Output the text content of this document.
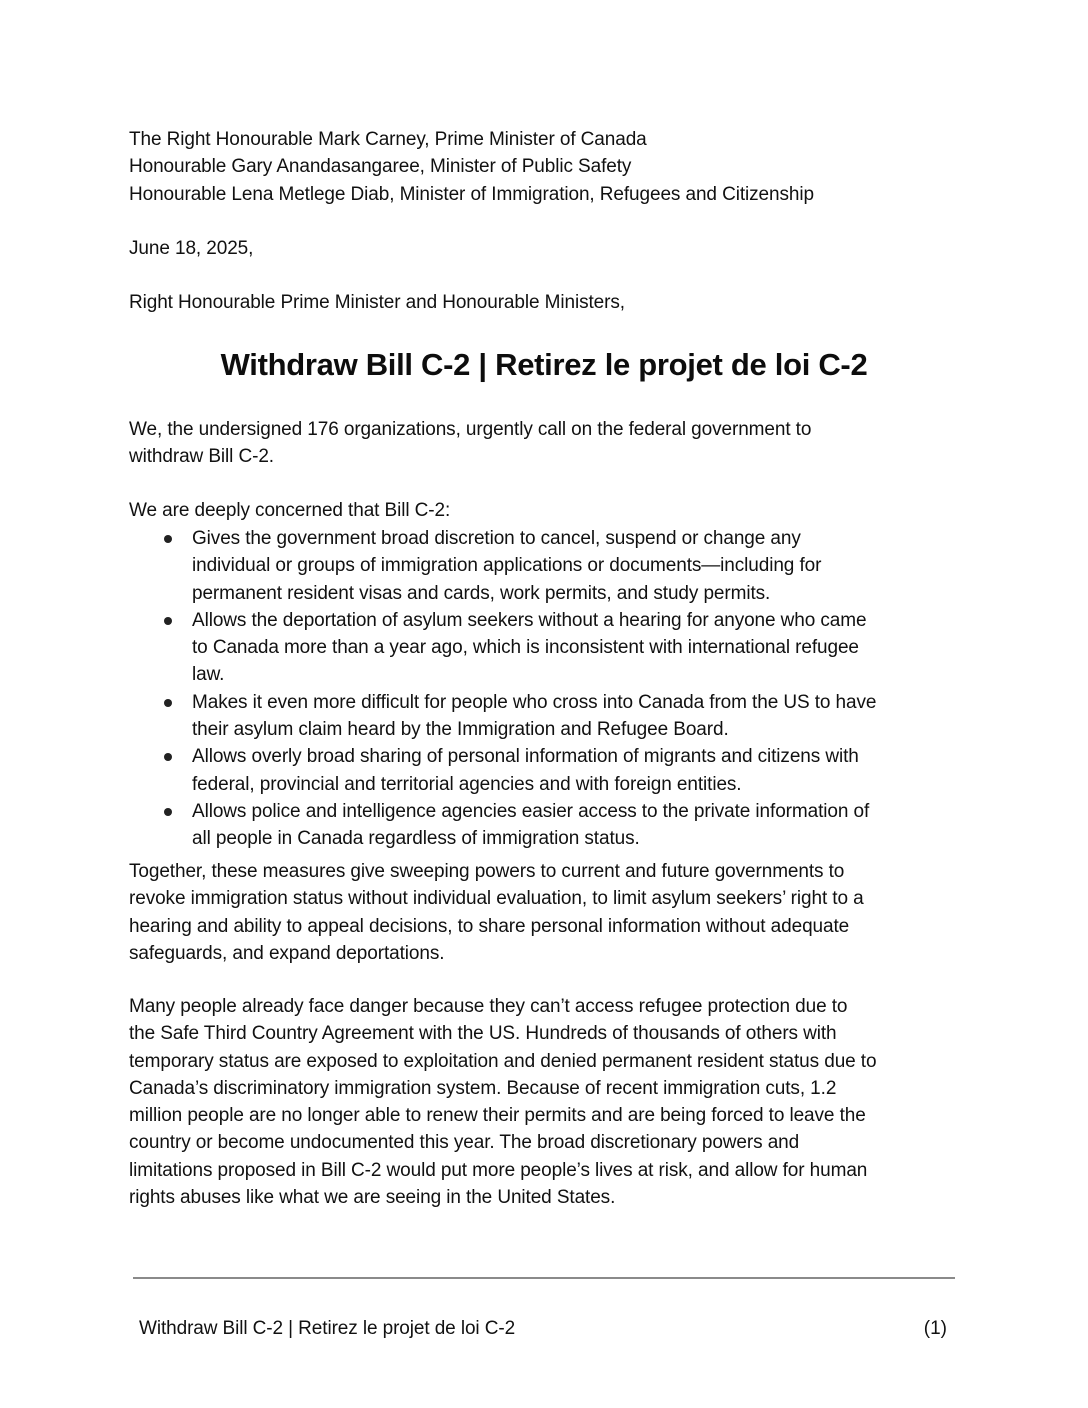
The Right Honourable Mark Carney, Prime Minister of Canada
Honourable Gary Anandasangaree, Minister of Public Safety
Honourable Lena Metlege Diab, Minister of Immigration, Refugees and Citizenship
June 18, 2025,
Right Honourable Prime Minister and Honourable Ministers,
Withdraw Bill C-2 | Retirez le projet de loi C-2
We, the undersigned 176 organizations, urgently call on the federal government to
withdraw Bill C-2.
We are deeply concerned that Bill C-2:
Gives the government broad discretion to cancel, suspend or change any
individual or groups of immigration applications or documents—including for
permanent resident visas and cards, work permits, and study permits.
Allows the deportation of asylum seekers without a hearing for anyone who came
to Canada more than a year ago, which is inconsistent with international refugee
law.
Makes it even more difficult for people who cross into Canada from the US to have
their asylum claim heard by the Immigration and Refugee Board.
Allows overly broad sharing of personal information of migrants and citizens with
federal, provincial and territorial agencies and with foreign entities.
Allows police and intelligence agencies easier access to the private information of
all people in Canada regardless of immigration status.
Together, these measures give sweeping powers to current and future governments to
revoke immigration status without individual evaluation, to limit asylum seekers’ right to a
hearing and ability to appeal decisions, to share personal information without adequate
safeguards, and expand deportations.
Many people already face danger because they can’t access refugee protection due to
the Safe Third Country Agreement with the US. Hundreds of thousands of others with
temporary status are exposed to exploitation and denied permanent resident status due to
Canada’s discriminatory immigration system. Because of recent immigration cuts, 1.2
million people are no longer able to renew their permits and are being forced to leave the
country or become undocumented this year. The broad discretionary powers and
limitations proposed in Bill C-2 would put more people’s lives at risk, and allow for human
rights abuses like what we are seeing in the United States.
Withdraw Bill C-2 | Retirez le projet de loi C-2	(1)
